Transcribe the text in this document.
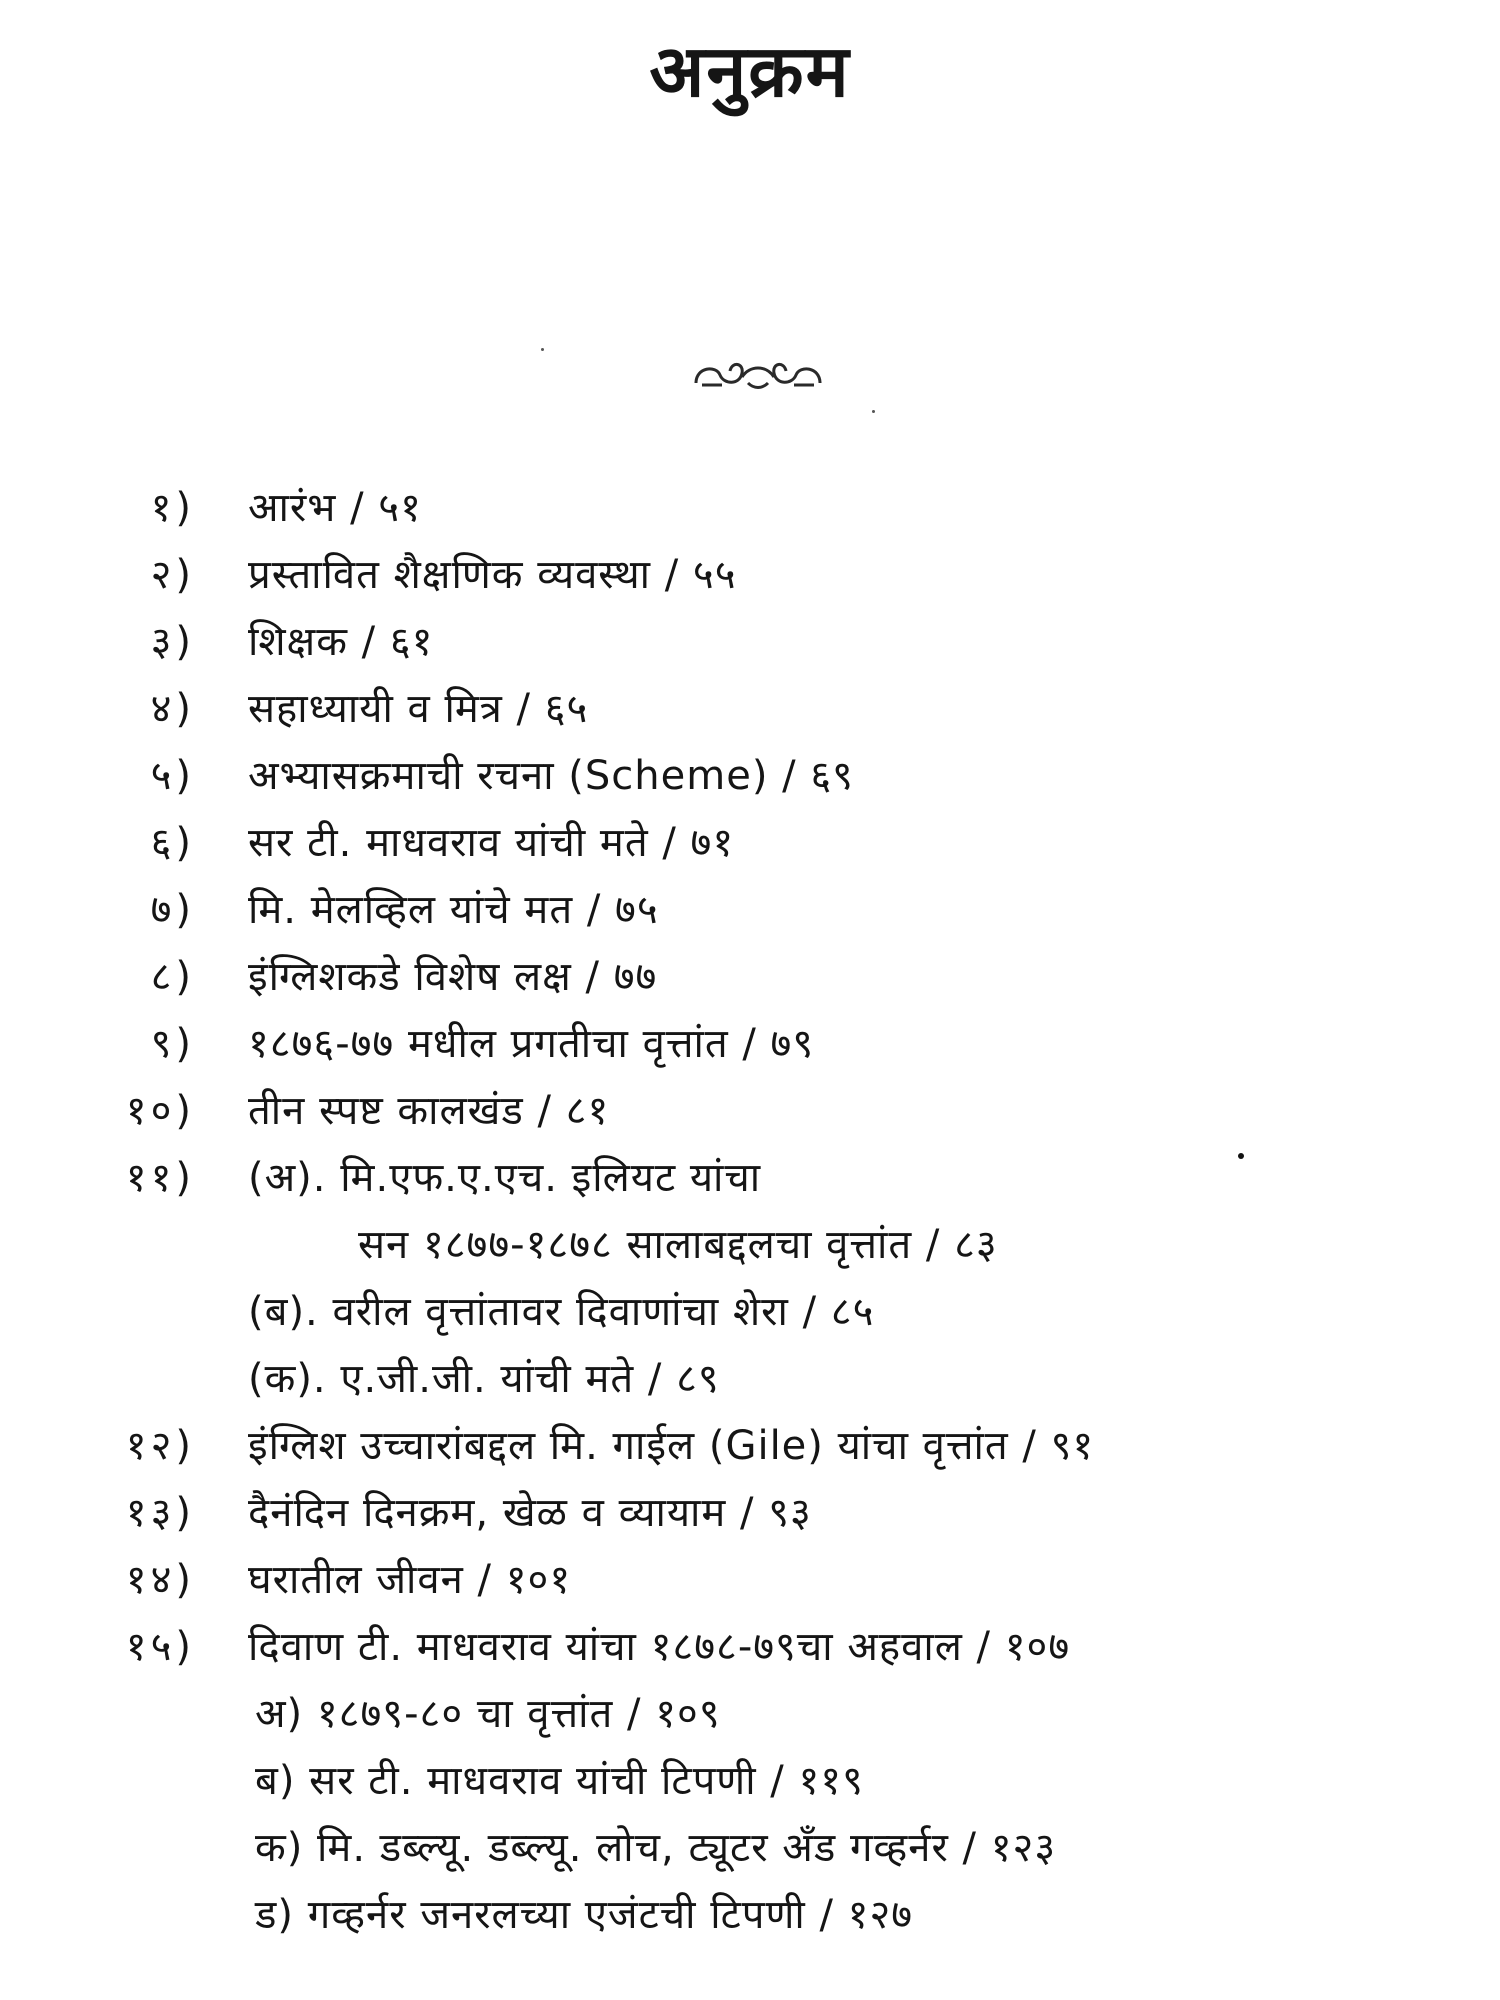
अनुक्रम
१) आरंभ / ५१
२) प्रस्तावित शैक्षणिक व्यवस्था / ५५
३) शिक्षक / ६१
४) सहाध्यायी व मित्र / ६५
५) अभ्यासक्रमाची रचना (Scheme) / ६९
६) सर टी. माधवराव यांची मते / ७१
७) मि. मेलव्हिल यांचे मत / ७५
८) इंग्लिशकडे विशेष लक्ष / ७७
९) १८७६-७७ मधील प्रगतीचा वृत्तांत / ७९
१०) तीन स्पष्ट कालखंड / ८१
११) (अ). मि.एफ.ए.एच. इलियट यांचा
सन १८७७-१८७८ सालाबद्दलचा वृत्तांत / ८३
(ब). वरील वृत्तांतावर दिवाणांचा शेरा / ८५
(क). ए.जी.जी. यांची मते / ८९
१२) इंग्लिश उच्चारांबद्दल मि. गाईल (Gile) यांचा वृत्तांत / ९१
१३) दैनंदिन दिनक्रम, खेळ व व्यायाम / ९३
१४) घरातील जीवन / १०१
१५) दिवाण टी. माधवराव यांचा १८७८-७९चा अहवाल / १०७
अ) १८७९-८० चा वृत्तांत / १०९
ब) सर टी. माधवराव यांची टिपणी / ११९
क) मि. डब्ल्यू. डब्ल्यू. लोच, ट्यूटर अँड गव्हर्नर / १२३
ड) गव्हर्नर जनरलच्या एजंटची टिपणी / १२७
